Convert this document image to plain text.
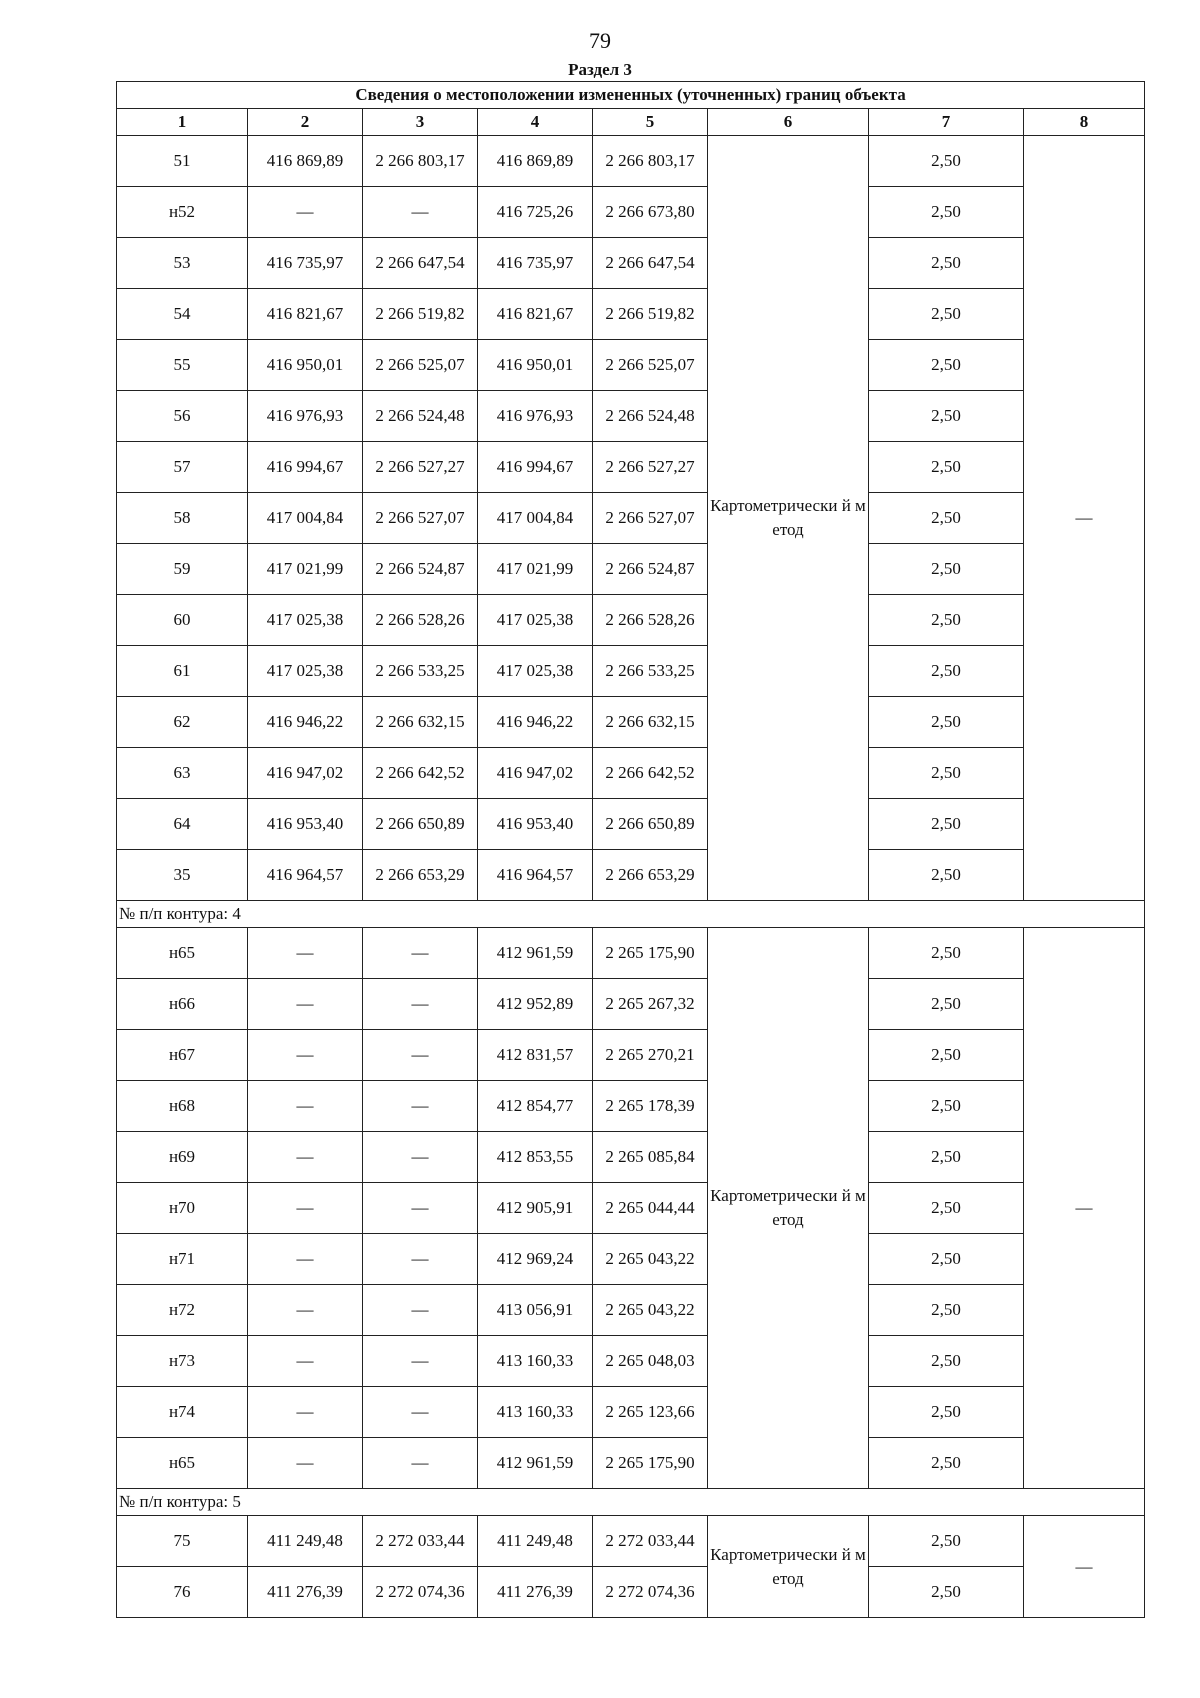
79
Раздел 3
Сведения о местоположении измененных (уточненных) границ объекта							
1	2	3	4	5	6	7	8
51	416 869,89	2 266 803,17	416 869,89	2 266 803,17	Картометрически й метод	2,50	—
н52	—	—	416 725,26	2 266 673,80		2,50	
53	416 735,97	2 266 647,54	416 735,97	2 266 647,54		2,50	
54	416 821,67	2 266 519,82	416 821,67	2 266 519,82		2,50	
55	416 950,01	2 266 525,07	416 950,01	2 266 525,07		2,50	
56	416 976,93	2 266 524,48	416 976,93	2 266 524,48		2,50	
57	416 994,67	2 266 527,27	416 994,67	2 266 527,27		2,50	
58	417 004,84	2 266 527,07	417 004,84	2 266 527,07		2,50	
59	417 021,99	2 266 524,87	417 021,99	2 266 524,87		2,50	
60	417 025,38	2 266 528,26	417 025,38	2 266 528,26		2,50	
61	417 025,38	2 266 533,25	417 025,38	2 266 533,25		2,50	
62	416 946,22	2 266 632,15	416 946,22	2 266 632,15		2,50	
63	416 947,02	2 266 642,52	416 947,02	2 266 642,52		2,50	
64	416 953,40	2 266 650,89	416 953,40	2 266 650,89		2,50	
35	416 964,57	2 266 653,29	416 964,57	2 266 653,29		2,50	
№ п/п контура: 4							
н65	—	—	412 961,59	2 265 175,90	Картометрически й метод	2,50	—
н66	—	—	412 952,89	2 265 267,32		2,50	
н67	—	—	412 831,57	2 265 270,21		2,50	
н68	—	—	412 854,77	2 265 178,39		2,50	
н69	—	—	412 853,55	2 265 085,84		2,50	
н70	—	—	412 905,91	2 265 044,44		2,50	
н71	—	—	412 969,24	2 265 043,22		2,50	
н72	—	—	413 056,91	2 265 043,22		2,50	
н73	—	—	413 160,33	2 265 048,03		2,50	
н74	—	—	413 160,33	2 265 123,66		2,50	
н65	—	—	412 961,59	2 265 175,90		2,50	
№ п/п контура: 5							
75	411 249,48	2 272 033,44	411 249,48	2 272 033,44	Картометрически й метод	2,50	—
76	411 276,39	2 272 074,36	411 276,39	2 272 074,36		2,50	
